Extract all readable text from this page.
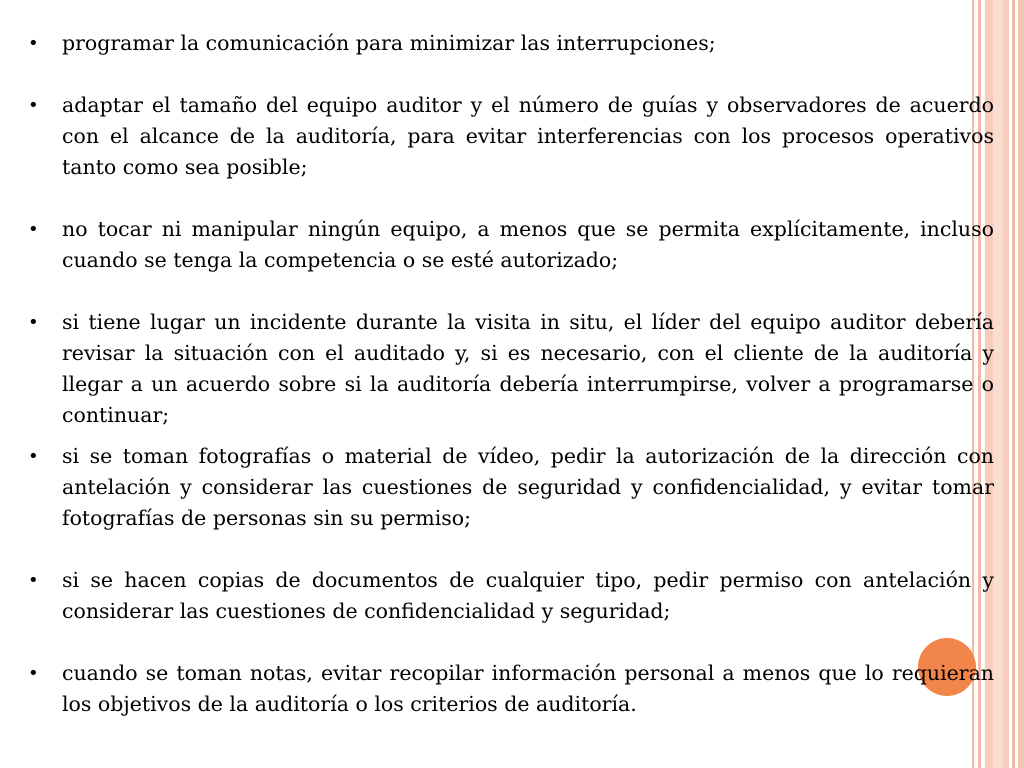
•	programar la comunicación para minimizar las interrupciones;
•	adaptar el tamaño del equipo auditor y el número de guías y observadores de acuerdo con el alcance de la auditoría, para evitar interferencias con los procesos operativos tanto como sea posible;
•	no tocar ni manipular ningún equipo, a menos que se permita explícitamente, incluso cuando se tenga la competencia o se esté autorizado;
•	si tiene lugar un incidente durante la visita in situ, el líder del equipo auditor debería revisar la situación con el auditado y, si es necesario, con el cliente de la auditoría y llegar a un acuerdo sobre si la auditoría debería interrumpirse, volver a programarse o continuar;
•	si se toman fotografías o material de vídeo, pedir la autorización de la dirección con antelación y considerar las cuestiones de seguridad y confidencialidad, y evitar tomar fotografías de personas sin su permiso;
•	si se hacen copias de documentos de cualquier tipo, pedir permiso con antelación y considerar las cuestiones de confidencialidad y seguridad;
•	cuando se toman notas, evitar recopilar información personal a menos que lo requieran los objetivos de la auditoría o los criterios de auditoría.
